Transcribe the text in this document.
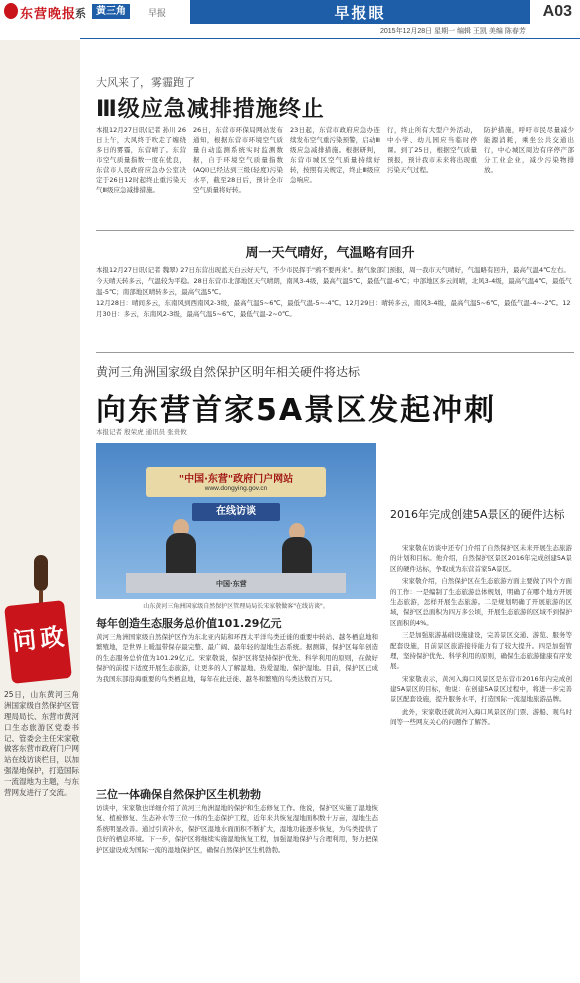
东营晚报
系	黄三角	早报	早报眼	A03
2015年12月28日 星期一 编辑 王凯 美编 陈春芳
问政
25日，山东黄河三角洲国家级自然保护区管理局局长、东营市黄河口生态旅游区党委书记、管委会主任宋家敬做客东营市政府门户网站在线访谈栏目，以加强湿地保护，打造国际一流湿地为主题，与东营网友进行了交流。
大风来了，雾霾跑了
Ⅲ级应急减排措施终止
本报12月27日讯(记者 孙川 26日上午，大风终于吹走了缠绕多日的雾霾，东营晴了。东营市空气质量指数一度在优良，东营市人民政府应急办公室决定于26日12时起终止重污染天气Ⅲ级应急减排措施。
26日，东营市环保局网站发布通知，根据东营市环境空气质量自动监测系统实时监测数据，自于环境空气质量指数(AQI)已经达到三级(轻度)污染水平，截至28日后，预计全市空气质量将好转。
23日起，东营市政府应急办连续发布空气重污染预警，启动Ⅲ级应急减排措施。根据研判，东营市城区空气质量持续好转，按照有关规定，终止Ⅲ级应急响应。
行，终止所有大型户外活动，中小学、幼儿园应当临时停课。到了25日，根据空气质量预报，预计我市未来将出现重污染天气过程。
防护措施，呼吁市民尽量减少能源消耗，乘坐公共交通出行，中心城区周边有序停产部分工业企业，减少污染物排放。
周一天气晴好，气温略有回升

本报12月27日讯(记者 魏翠) 27日东营出现蓝天白云好天气，不少市民挥手"鸦不要再来"。据气象部门预报，周一我市天气晴好，气温略有回升，最高气温4℃左右。

今天晴天转多云，气温较为平稳。28日东营市北部地区天气晴朗，南风3-4级，最高气温5℃，最低气温-6℃；中部地区多云间晴，北风3-4级，最高气温4℃，最低气温-5℃；南部地区晴转多云，最高气温5℃。

12月28日：晴间多云，东南风到西南风2-3级，最高气温5~6℃，最低气温-5~-4℃。12月29日：晴转多云，南风3-4级，最高气温5~6℃，最低气温-4~-2℃。12月30日：多云，东南风2-3级，最高气温5~6℃，最低气温-2~0℃。

黄河三角洲国家级自然保护区明年相关硬件将达标
向东营首家5A景区发起冲刺
本报记者 殷荣虎 通讯员 张贵攸
"中国·东营"政府门户网站
www.dongying.gov.cn
在线访谈
中国·东营
山东黄河三角洲国家级自然保护区管理局局长宋家敬做客"在线访谈"。
2016年完成创建5A景区的硬件达标

宋家敬在访谈中还专门介绍了自然保护区未来开展生态旅游的计划和目标。他介绍，自然保护区景区2016年完成创建5A景区的硬件达标，争取成为东营首家5A景区。

宋家敬介绍，自然保护区在生态旅游方面主要做了四个方面的工作：一是编制了生态旅游总体规划，明确了在哪个地方开展生态旅游，怎样开展生态旅游。二是规划明确了开展旅游的区域，保护区总面积为四万多公顷，开展生态旅游的区域不到保护区面积的4%。

三是加强旅游基础设施建设，完善景区交通、游览、服务等配套设施，目前景区旅游接待能力有了较大提升。四是加强管理，坚持保护优先、科学利用的原则，确保生态旅游健康有序发展。

宋家敬表示，黄河入海口风景区是东营市2016年内完成创建5A景区的目标，他说：在创建5A景区过程中，将进一步完善景区配套设施，提升服务水平，打造国际一流湿地旅游品牌。

此外，宋家敬还就黄河入海口风景区的门票、游船、观鸟时间等一些网友关心的问题作了解答。

每年创造生态服务总价值101.29亿元
黄河三角洲国家级自然保护区作为东北亚内陆和环西太平洋鸟类迁徙的重要中转站、越冬栖息地和繁殖地，是世界上暖温带保存最完整、最广阔、最年轻的湿地生态系统。据测算，保护区每年创造的生态服务总价值为101.29亿元。宋家敬说，保护区将坚持保护优先、科学利用的原则，在做好保护的前提下适度开展生态旅游，让更多的人了解湿地、热爱湿地、保护湿地。目前，保护区已成为我国东部沿海重要的鸟类栖息地，每年在此迁徙、越冬和繁殖的鸟类达数百万只。
三位一体确保自然保护区生机勃勃
访谈中，宋家敬也详细介绍了黄河三角洲湿地的保护和生态修复工作。他说，保护区实施了湿地恢复、植被修复、生态补水等三位一体的生态保护工程，近年来共恢复湿地面积数十万亩，湿地生态系统明显改善。通过引黄补水，保护区湿地水面面积不断扩大，湿地功能逐步恢复，为鸟类提供了良好的栖息环境。下一步，保护区将继续实施湿地恢复工程，加强湿地保护与合理利用，努力把保护区建设成为国际一流的湿地保护区，确保自然保护区生机勃勃。
